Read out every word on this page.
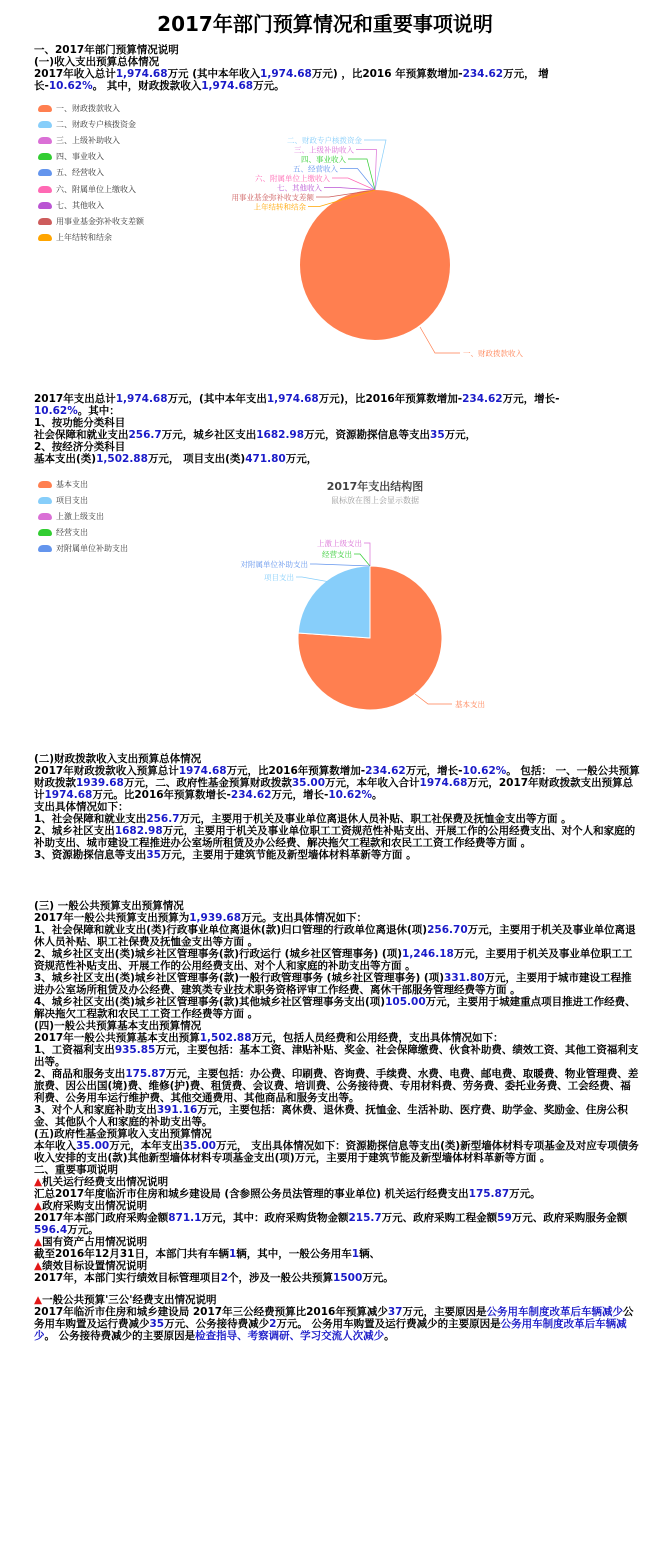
2017年部门预算情况和重要事项说明

一、2017年部门预算情况说明

(一)收入支出预算总体情况

2017年收入总计1,974.68万元 (其中本年收入1,974.68万元) ，比2016 年预算数增加-234.62万元， 增
长-10.62%。 其中，财政拨款收入1,974.68万元。

一、财政拨款收入
二、财政专户核拨资金
三、上级补助收入
四、事业收入
五、经营收入
六、附属单位上缴收入
七、其他收入
用事业基金弥补收支差额
上年结转和结余
二、财政专户核拨资金
三、上级补助收入
四、事业收入
五、经营收入
六、附属单位上缴收入
七、其他收入
用事业基金弥补收支差额
上年结转和结余
一、财政拨款收入

2017年支出总计1,974.68万元，(其中本年支出1,974.68万元)，比2016年预算数增加-234.62万元，增长-
10.62%。其中：

1、按功能分类科目

社会保障和就业支出256.7万元，城乡社区支出1682.98万元，资源勘探信息等支出35万元，

2、按经济分类科目

基本支出(类)1,502.88万元， 项目支出(类)471.80万元，

基本支出
项目支出
上激上级支出
经营支出
对附属单位补助支出
2017年支出结构图
鼠标放在图上会显示数据
上激上级支出
经营支出
对附属单位补助支出
项目支出
基本支出

(二)财政拨款收入支出预算总体情况

2017年财政拨款收入预算总计1974.68万元，比2016年预算数增加-234.62万元，增长-10.62%。 包括： 一、一般公共预算财政拨款1939.68万元，二、政府性基金预算财政拨款35.00万元，本年收入合计1974.68万元，2017年财政拨款支出预算总计1974.68万元。比2016年预算数增长-234.62万元，增长-10.62%。

支出具体情况如下：

1、社会保障和就业支出256.7万元，主要用于机关及事业单位离退休人员补贴、职工社保费及抚恤金支出等方面 。

2、城乡社区支出1682.98万元，主要用于机关及事业单位职工工资规范性补贴支出、开展工作的公用经费支出、对个人和家庭的补助支出、城市建设工程推进办公室场所租赁及办公经费、解决拖欠工程款和农民工工资工作经费等方面 。

3、资源勘探信息等支出35万元，主要用于建筑节能及新型墙体材料革新等方面 。

(三) 一般公共预算支出预算情况

2017年一般公共预算支出预算为1,939.68万元。支出具体情况如下：

1、社会保障和就业支出(类)行政事业单位离退休(款)归口管理的行政单位离退休(项)256.70万元，主要用于机关及事业单位离退休人员补贴、职工社保费及抚恤金支出等方面 。

2、城乡社区支出(类)城乡社区管理事务(款)行政运行 (城乡社区管理事务) (项)1,246.18万元，主要用于机关及事业单位职工工资规范性补贴支出、开展工作的公用经费支出、对个人和家庭的补助支出等方面 。

3、城乡社区支出(类)城乡社区管理事务(款)一般行政管理事务 (城乡社区管理事务) (项)331.80万元，主要用于城市建设工程推进办公室场所租赁及办公经费、建筑类专业技术职务资格评审工作经费、离休干部服务管理经费等方面 。

4、城乡社区支出(类)城乡社区管理事务(款)其他城乡社区管理事务支出(项)105.00万元，主要用于城建重点项目推进工作经费、解决拖欠工程款和农民工工资工作经费等方面 。

(四)一般公共预算基本支出预算情况

2017年一般公共预算基本支出预算1,502.88万元，包括人员经费和公用经费，支出具体情况如下：

1、工资福利支出935.85万元，主要包括：基本工资、津贴补贴、奖金、社会保障缴费、伙食补助费、绩效工资、其他工资福利支出等。

2、商品和服务支出175.87万元，主要包括：办公费、印刷费、咨询费、手续费、水费、电费、邮电费、取暖费、物业管理费、差旅费、因公出国(境)费、维修(护)费、租赁费、会议费、培训费、公务接待费、专用材料费、劳务费、委托业务费、工会经费、福利费、公务用车运行维护费、其他交通费用、其他商品和服务支出等。

3、对个人和家庭补助支出391.16万元，主要包括：离休费、退休费、抚恤金、生活补助、医疗费、助学金、奖励金、住房公积金、其他队个人和家庭的补助支出等。

(五)政府性基金预算收入支出预算情况

本年收入35.00万元，本年支出35.00万元， 支出具体情况如下：资源勘探信息等支出(类)新型墙体材料专项基金及对应专项债务收入安排的支出(款)其他新型墙体材料专项基金支出(项)万元，主要用于建筑节能及新型墙体材料革新等方面 。

二、重要事项说明

▲机关运行经费支出情况说明

汇总2017年度临沂市住房和城乡建设局 (含参照公务员法管理的事业单位) 机关运行经费支出175.87万元。

▲政府采购支出情况说明

2017年本部门政府采购金额871.1万元，其中：政府采购货物金额215.7万元、政府采购工程金额59万元、政府采购服务金额596.4万元。

▲国有资产占用情况说明

截至2016年12月31日，本部门共有车辆1辆，其中，一般公务用车1辆、

▲绩效目标设置情况说明

2017年，本部门实行绩效目标管理项目2个，涉及一般公共预算1500万元。

▲一般公共预算'三公'经费支出情况说明

2017年临沂市住房和城乡建设局 2017年三公经费预算比2016年预算减少37万元，主要原因是公务用车制度改革后车辆减少公务用车购置及运行费减少35万元、公务接待费减少2万元。 公务用车购置及运行费减少的主要原因是公务用车制度改革后车辆减少。 公务接待费减少的主要原因是检查指导、考察调研、学习交流人次减少。
